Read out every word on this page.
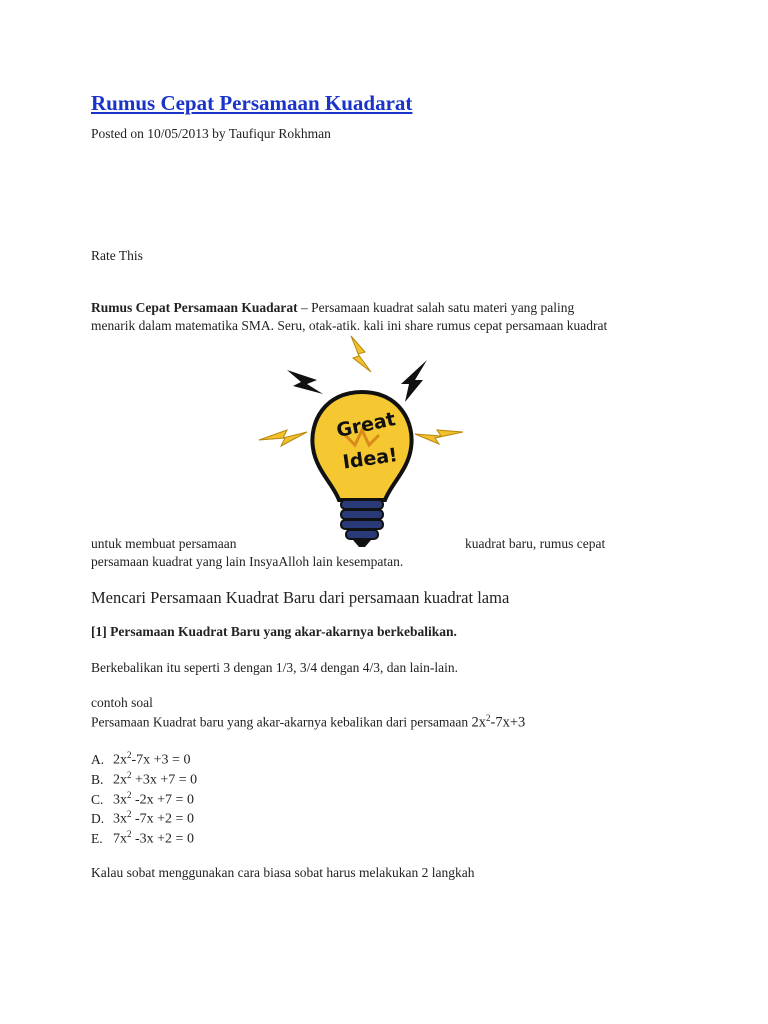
Rumus Cepat Persamaan Kuadarat
Posted on 10/05/2013 by Taufiqur Rokhman
Rate This
Rumus Cepat Persamaan Kuadarat – Persamaan kuadrat salah satu materi yang paling
menarik dalam matematika SMA. Seru, otak-atik. kali ini share rumus cepat persamaan kuadrat
Great
Idea!
untuk membuat persamaan	kuadrat baru, rumus cepat
persamaan kuadrat yang lain InsyaAlloh lain kesempatan.
Mencari Persamaan Kuadrat Baru dari persamaan kuadrat lama
[1] Persamaan Kuadrat Baru yang akar-akarnya berkebalikan.
Berkebalikan itu seperti 3 dengan 1/3, 3/4 dengan 4/3, dan lain-lain.
contoh soal
Persamaan Kuadrat baru yang akar-akarnya kebalikan dari persamaan $2x^2-7x+3$
A. $2x^2-7x +3 = 0$
B. $2x^2 +3x +7 = 0$
C. $3x^2$ -2x +7 = 0
D. $3x^2$ -7x +2 = 0
E. $7x^2$ -3x +2 = 0
Kalau sobat menggunakan cara biasa sobat harus melakukan 2 langkah
